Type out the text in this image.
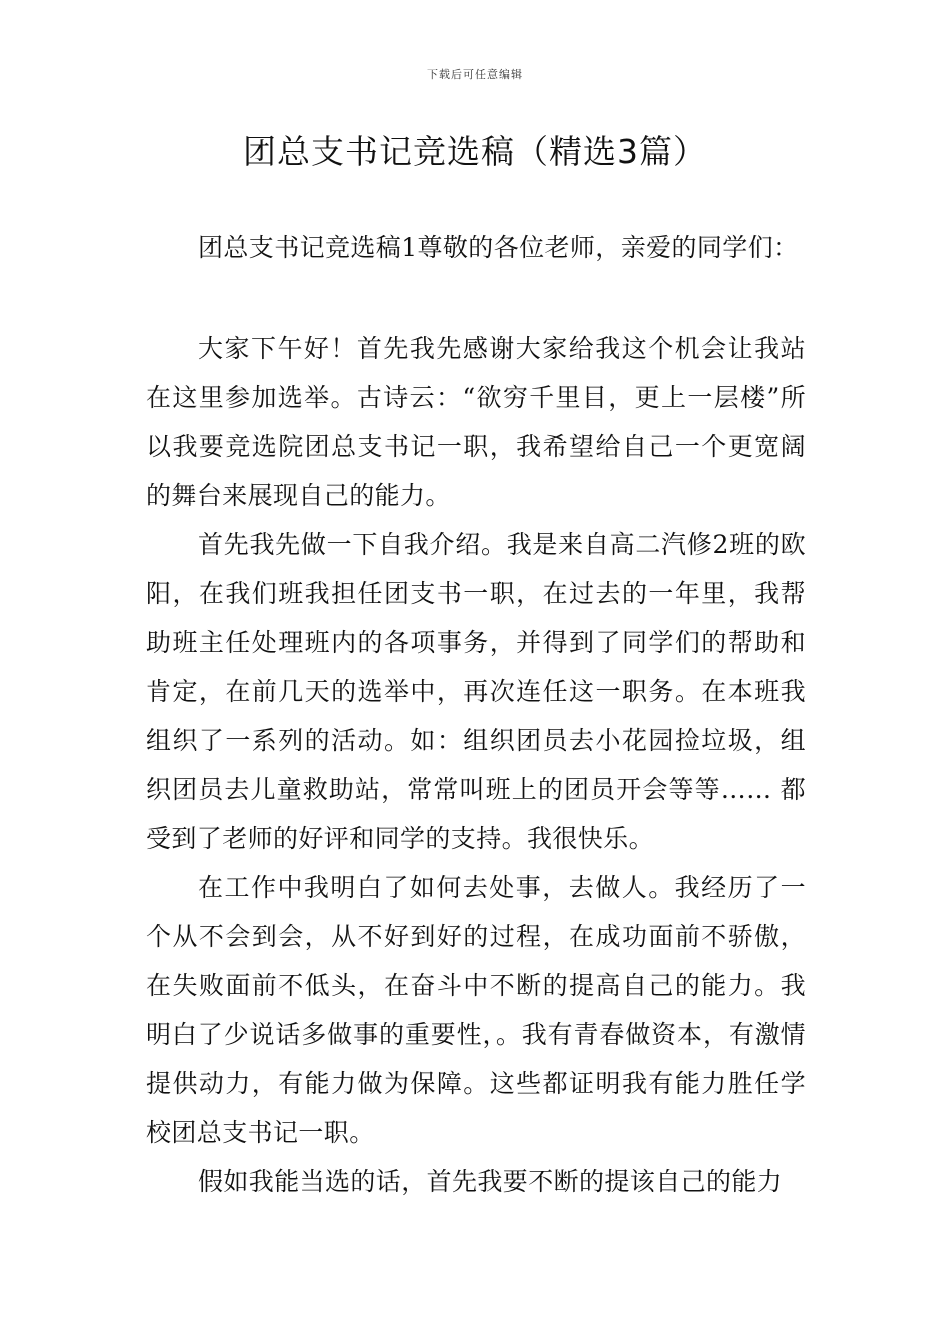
下载后可任意编辑
团总支书记竞选稿（精选3篇）

团总支书记竞选稿1尊敬的各位老师，亲爱的同学们：

大家下午好！首先我先感谢大家给我这个机会让我站在这里参加选举。古诗云：“欲穷千里目，更上一层楼”所以我要竞选院团总支书记一职，我希望给自己一个更宽阔的舞台来展现自己的能力。

首先我先做一下自我介绍。我是来自高二汽修2班的欧阳，在我们班我担任团支书一职，在过去的一年里，我帮助班主任处理班内的各项事务，并得到了同学们的帮助和肯定，在前几天的选举中，再次连任这一职务。在本班我组织了一系列的活动。如：组织团员去小花园捡垃圾，组织团员去儿童救助站，常常叫班上的团员开会等等…… 都受到了老师的好评和同学的支持。我很快乐。

在工作中我明白了如何去处事，去做人。我经历了一个从不会到会，从不好到好的过程，在成功面前不骄傲，在失败面前不低头，在奋斗中不断的提高自己的能力。我明白了少说话多做事的重要性，。我有青春做资本，有激情提供动力，有能力做为保障。这些都证明我有能力胜任学校团总支书记一职。

假如我能当选的话，首先我要不断的提该自己的能力
